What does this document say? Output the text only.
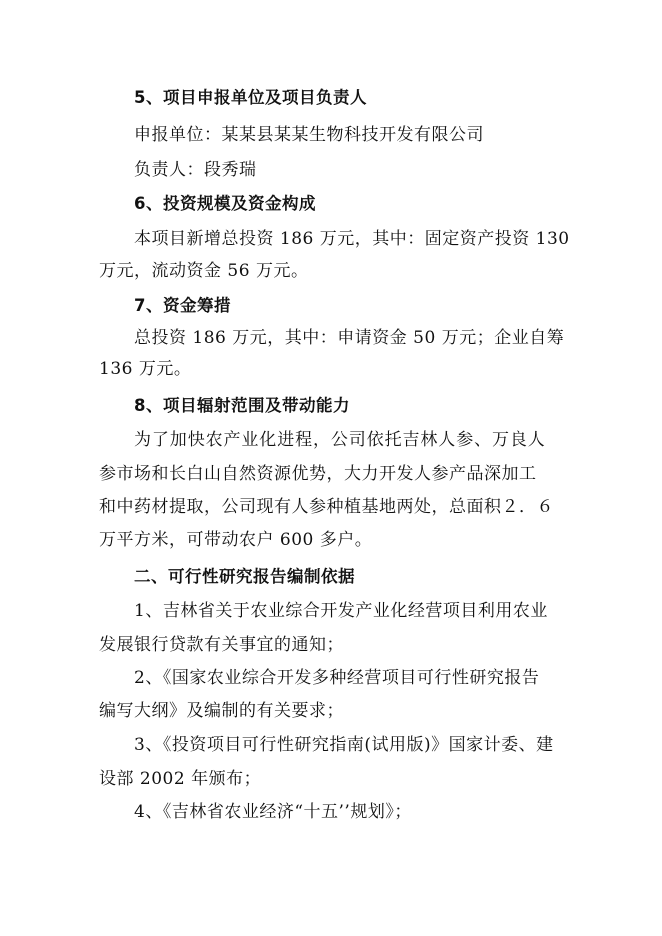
5、项目申报单位及项目负责人
申报单位：某某县某某生物科技开发有限公司
负责人：段秀瑞
6、投资规模及资金构成
本项目新增总投资 186 万元，其中：固定资产投资 130
万元，流动资金 56 万元。
7、资金筹措
总投资 186 万元，其中：申请资金 50 万元；企业自筹
136 万元。
8、项目辐射范围及带动能力
为了加快农产业化进程，公司依托吉林人参、万良人
参市场和长白山自然资源优势，大力开发人参产品深加工
和中药材提取，公司现有人参种植基地两处，总面积２．６
万平方米，可带动农户 600 多户。
二、可行性研究报告编制依据
1、吉林省关于农业综合开发产业化经营项目利用农业
发展银行贷款有关事宜的通知；
2、《国家农业综合开发多种经营项目可行性研究报告
编写大纲》及编制的有关要求；
3、《投资项目可行性研究指南(试用版)》国家计委、建
设部 2002 年颁布；
4、《吉林省农业经济“十五’’规划》；
